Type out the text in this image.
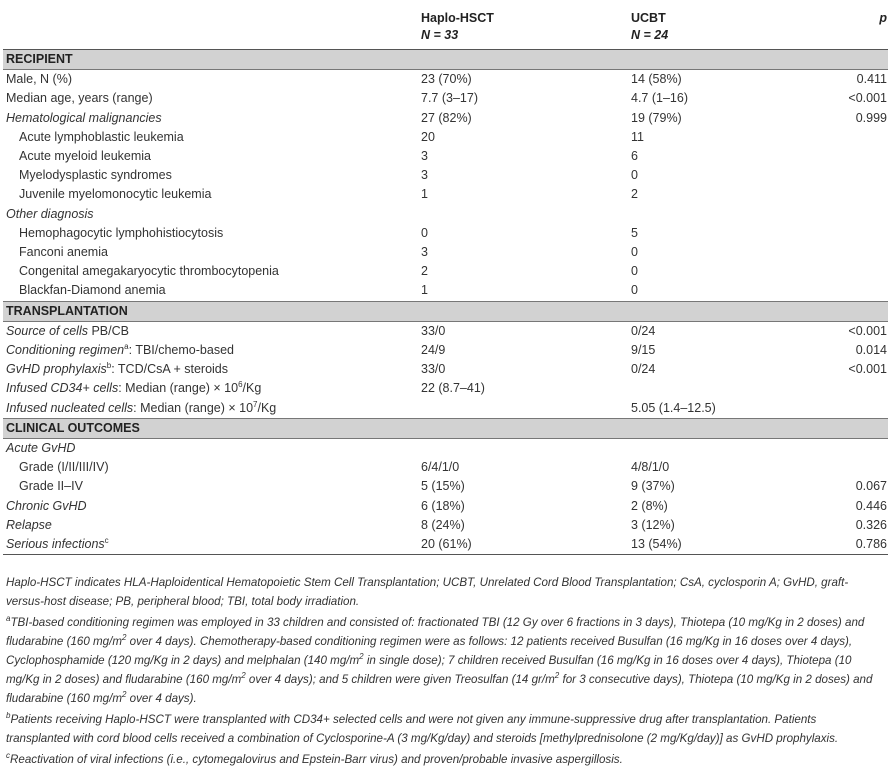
	Haplo-HSCT	UCBT	p
	N = 33	N = 24	
RECIPIENT			
Male, N (%)	23 (70%)	14 (58%)	0.411
Median age, years (range)	7.7 (3–17)	4.7 (1–16)	<0.001
Hematological malignancies	27 (82%)	19 (79%)	0.999
Acute lymphoblastic leukemia	20	11	
Acute myeloid leukemia	3	6	
Myelodysplastic syndromes	3	0	
Juvenile myelomonocytic leukemia	1	2	
Other diagnosis			
Hemophagocytic lymphohistiocytosis	0	5	
Fanconi anemia	3	0	
Congenital amegakaryocytic thrombocytopenia	2	0	
Blackfan-Diamond anemia	1	0	
TRANSPLANTATION			
Source of cells PB/CB	33/0	0/24	<0.001
Conditioning regimen$^a$: TBI/chemo-based	24/9	9/15	0.014
GvHD prophylaxis$^b$: TCD/CsA + steroids	33/0	0/24	<0.001
Infused CD34+ cells: Median (range) × $10^6/Kg$	22 (8.7–41)		
Infused nucleated cells: Median (range) × $10^7/Kg$		5.05 (1.4–12.5)	
CLINICAL OUTCOMES			
Acute GvHD			
Grade (I/II/III/IV)	6/4/1/0	4/8/1/0	
Grade II–IV	5 (15%)	9 (37%)	0.067
Chronic GvHD	6 (18%)	2 (8%)	0.446
Relapse	8 (24%)	3 (12%)	0.326
Serious infections$^c$	20 (61%)	13 (54%)	0.786

Haplo-HSCT indicates HLA-Haploidentical Hematopoietic Stem Cell Transplantation; UCBT, Unrelated Cord Blood Transplantation; CsA, cyclosporin A; GvHD, graft-versus-host disease; PB, peripheral blood; TBI, total body irradiation.

$^a$TBI-based conditioning regimen was employed in 33 children and consisted of: fractionated TBI (12 Gy over 6 fractions in 3 days), Thiotepa (10 mg/Kg in 2 doses) and fludarabine (160 $mg/m^2$ over 4 days). Chemotherapy-based conditioning regimen were as follows: 12 patients received Busulfan (16 mg/Kg in 16 doses over 4 days), Cyclophosphamide (120 mg/Kg in 2 days) and melphalan (140 $mg/m^2$ in single dose); 7 children received Busulfan (16 mg/Kg in 16 doses over 4 days), Thiotepa (10 mg/Kg in 2 doses) and fludarabine (160 $mg/m^2$ over 4 days); and 5 children were given Treosulfan (14 $gr/m^2$ for 3 consecutive days), Thiotepa (10 mg/Kg in 2 doses) and fludarabine (160 $mg/m^2$ over 4 days).

$^b$Patients receiving Haplo-HSCT were transplanted with CD34+ selected cells and were not given any immune-suppressive drug after transplantation. Patients transplanted with cord blood cells received a combination of Cyclosporine-A (3 mg/Kg/day) and steroids [methylprednisolone (2 mg/Kg/day)] as GvHD prophylaxis.

$^c$Reactivation of viral infections (i.e., cytomegalovirus and Epstein-Barr virus) and proven/probable invasive aspergillosis.
